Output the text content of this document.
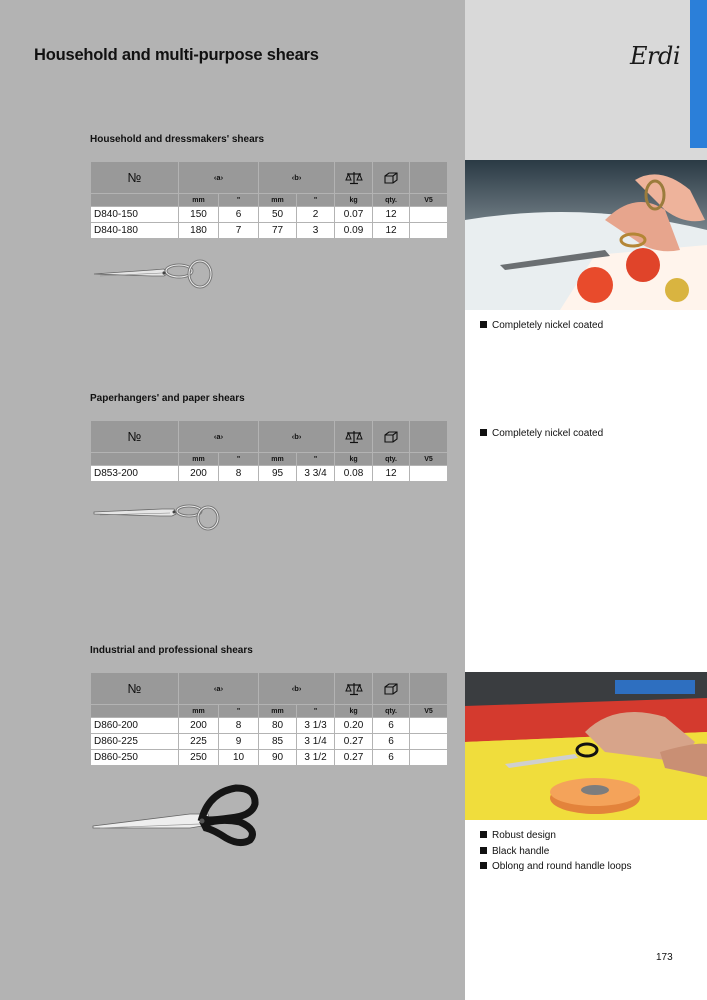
Household and multi-purpose shears	Erdi
Household and dressmakers' shears
№	‹a›		‹b›	

	mm	"	mm	"	kg	qty.	V5
D840-150	150	6	50	2	0.07	12	
D840-180	180	7	77	3	0.09	12	
Completely nickel coated
Paperhangers' and paper shears
№	‹a›		‹b›	

	mm	"	mm	"	kg	qty.	V5
D853-200	200	8	95	3 3/4	0.08	12	
Completely nickel coated
Industrial and professional shears
№	‹a›		‹b›	

	mm	"	mm	"	kg	qty.	V5
D860-200	200	8	80	3 1/3	0.20	6	
D860-225	225	9	85	3 1/4	0.27	6	
D860-250	250	10	90	3 1/2	0.27	6	
Robust design
Black handle
Oblong and round handle loops
173
